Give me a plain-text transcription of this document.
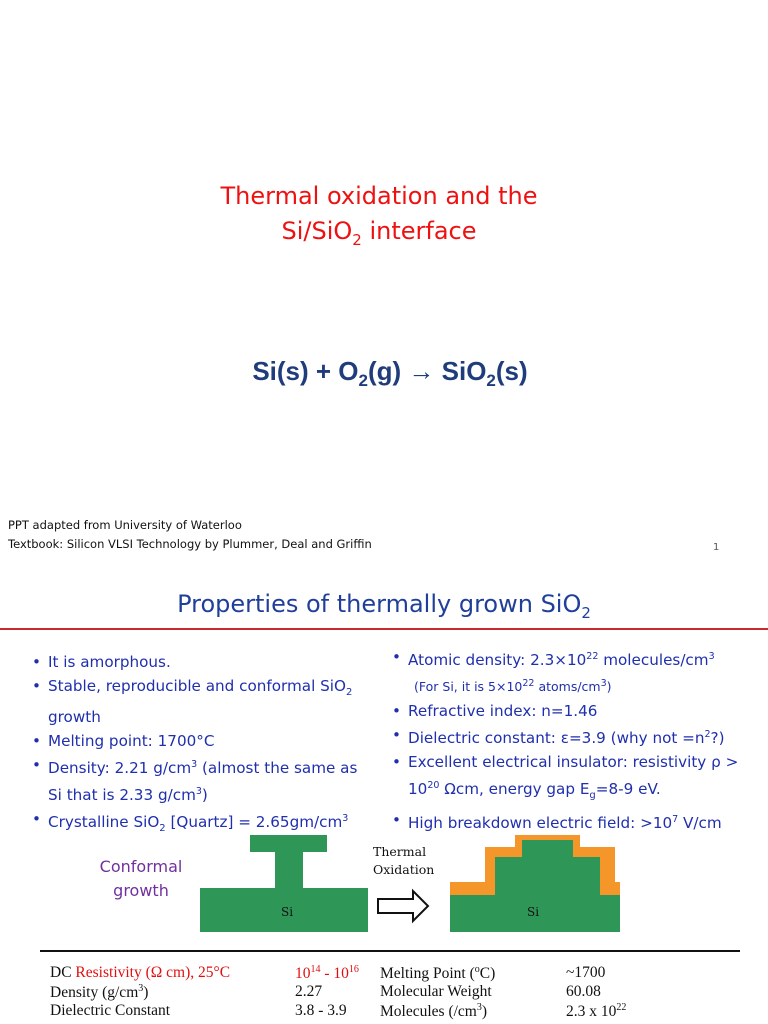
Thermal oxidation and the
Si/SiO$_2$ interface
$Si(s) + O_2(g) \to SiO_2(s)$
PPT adapted from University of Waterloo
Textbook: Silicon VLSI Technology by Plummer, Deal and Griffin	1
Properties of thermally grown SiO$_2$
• It is amorphous.
• Stable, reproducible and conformal SiO$_2$ growth
• Melting point: 1700°C
• Density: 2.21 $g/cm^3$ (almost the same as Si that is 2.33 $g/cm^3$)
• Crystalline SiO$_2$ [Quartz] = $2.65gm/cm^3$
• Atomic density: $2.3\times 10^{22}$ molecules/$cm^3$
(For Si, it is $5\times 10^{22}$ atoms/$cm^3$)
• Refractive index: n=1.46
• Dielectric constant: ε=3.9 (why not $=n^2$?)
• Excellent electrical insulator: resistivity $\rho > 10^{20}$ Ωcm, energy gap $E_g=8-9$ eV.
• High breakdown electric field: $>10^7$ V/cm
Conformal
growth
Thermal
Oxidation
Si	Si
DC Resistivity (Ω cm), 25°C	$10^{14} - 10^{16}$ Melting Point ($^o$C)	~1700
Density $(g/cm^3)$	2.27	Molecular Weight	60.08
Dielectric Constant	3.8 - 3.9 Molecules $(/cm^3)$	2.3 x $10^{22}$
